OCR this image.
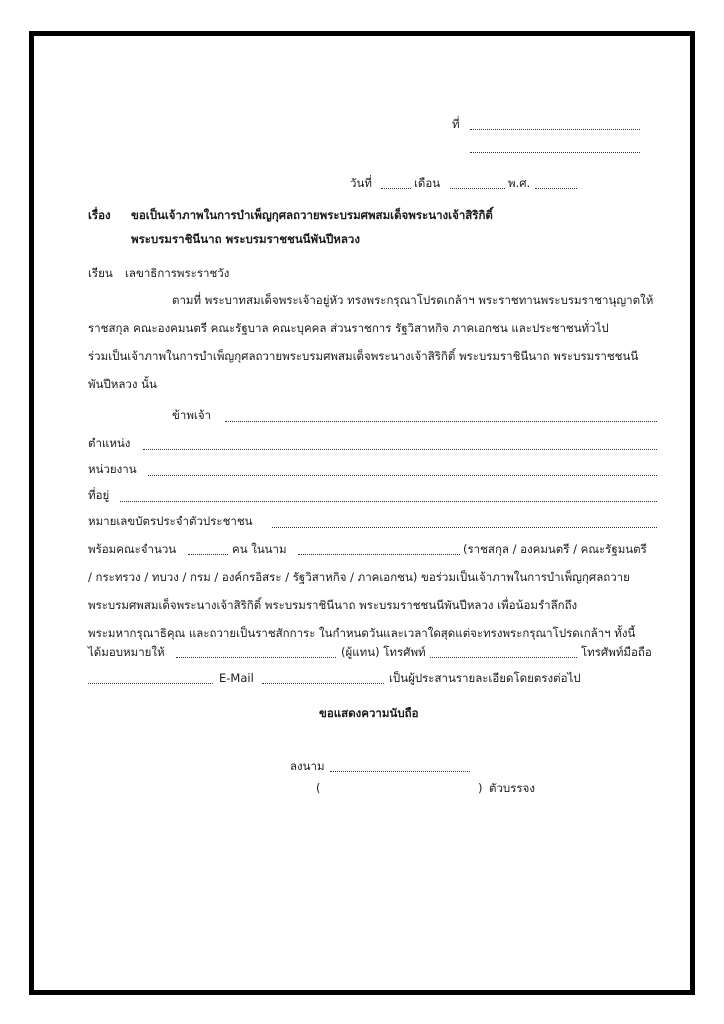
ที่
วันที่	เดือน	พ.ศ.
เรื่อง ขอเป็นเจ้าภาพในการบำเพ็ญกุศลถวายพระบรมศพสมเด็จพระนางเจ้าสิริกิติ์
พระบรมราชินีนาถ พระบรมราชชนนีพันปีหลวง
เรียน เลขาธิการพระราชวัง
ตามที่ พระบาทสมเด็จพระเจ้าอยู่หัว ทรงพระกรุณาโปรดเกล้าฯ พระราชทานพระบรมราชานุญาตให้
ราชสกุล คณะองคมนตรี คณะรัฐบาล คณะบุคคล ส่วนราชการ รัฐวิสาหกิจ ภาคเอกชน และประชาชนทั่วไป
ร่วมเป็นเจ้าภาพในการบำเพ็ญกุศลถวายพระบรมศพสมเด็จพระนางเจ้าสิริกิติ์ พระบรมราชินีนาถ พระบรมราชชนนี
พันปีหลวง นั้น
ข้าพเจ้า
ตำแหน่ง
หน่วยงาน
ที่อยู่
หมายเลขบัตรประจำตัวประชาชน
พร้อมคณะจำนวน	คน ในนาม	(ราชสกุล / องคมนตรี / คณะรัฐมนตรี
/ กระทรวง / ทบวง / กรม / องค์กรอิสระ / รัฐวิสาหกิจ / ภาคเอกชน) ขอร่วมเป็นเจ้าภาพในการบำเพ็ญกุศลถวาย
พระบรมศพสมเด็จพระนางเจ้าสิริกิติ์ พระบรมราชินีนาถ พระบรมราชชนนีพันปีหลวง เพื่อน้อมรำลึกถึง
พระมหากรุณาธิคุณ และถวายเป็นราชสักการะ ในกำหนดวันและเวลาใดสุดแต่จะทรงพระกรุณาโปรดเกล้าฯ ทั้งนี้
ได้มอบหมายให้	(ผู้แทน) โทรศัพท์	โทรศัพท์มือถือ
E-Mail	เป็นผู้ประสานรายละเอียดโดยตรงต่อไป
ขอแสดงความนับถือ
ลงนาม
(	) ตัวบรรจง
